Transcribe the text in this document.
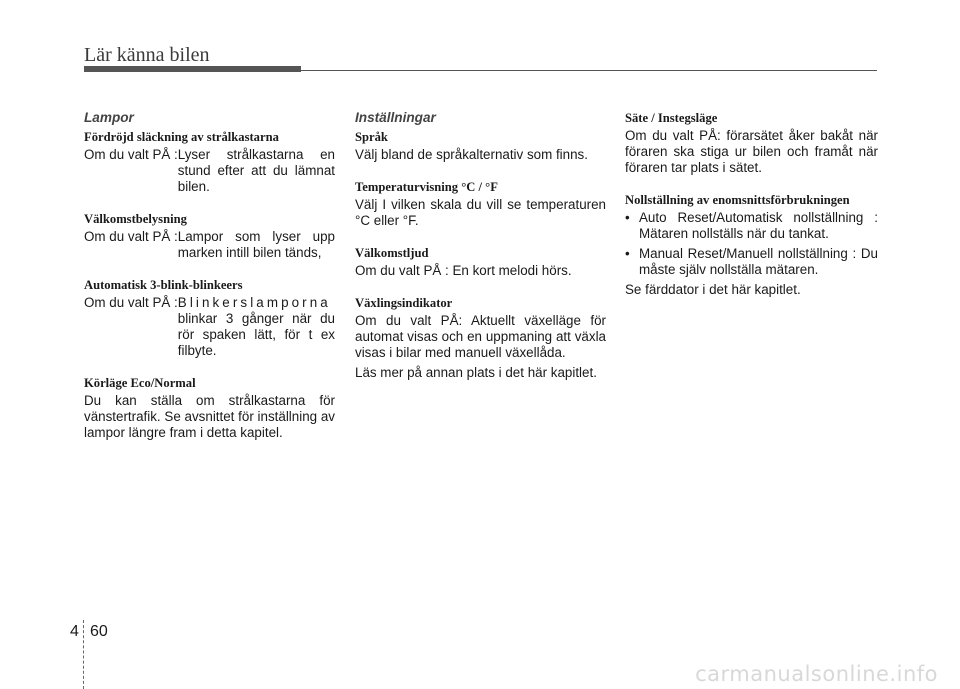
Lär känna bilen
Lampor
Fördröjd släckning av strålkastarna
Om du valt PÅ : Lyser strålkastarna en stund efter att du lämnat bilen.
Välkomstbelysning
Om du valt PÅ : Lampor som lyser upp marken intill bilen tänds,
Automatisk 3-blink-blinkeers
Om du valt PÅ : Blinkerslamporna blinkar 3 gånger när du rör spaken lätt, för t ex filbyte.
Körläge Eco/Normal
Du kan ställa om strålkastarna för vänstertrafik. Se avsnittet för inställning av lampor längre fram i detta kapitel.
Inställningar
Språk
Välj bland de språkalternativ som finns.
Temperaturvisning °C / °F
Välj I vilken skala du vill se temperaturen °C eller °F.
Välkomstljud
Om du valt PÅ : En kort melodi hörs.
Växlingsindikator
Om du valt PÅ: Aktuellt växelläge för automat visas och en uppmaning att växla visas i bilar med manuell växellåda.
Läs mer på annan plats i det här kapitlet.
Säte / Instegsläge
Om du valt PÅ: förarsätet åker bakåt när föraren ska stiga ur bilen och framåt när föraren tar plats i sätet.
Nollställning av enomsnittsförbrukningen
• Auto Reset/Automatisk nollställning : Mätaren nollställs när du tankat.
• Manual Reset/Manuell nollställning : Du måste själv nollställa mätaren.
Se färddator i det här kapitlet.
4 60
carmanualsonline.info
